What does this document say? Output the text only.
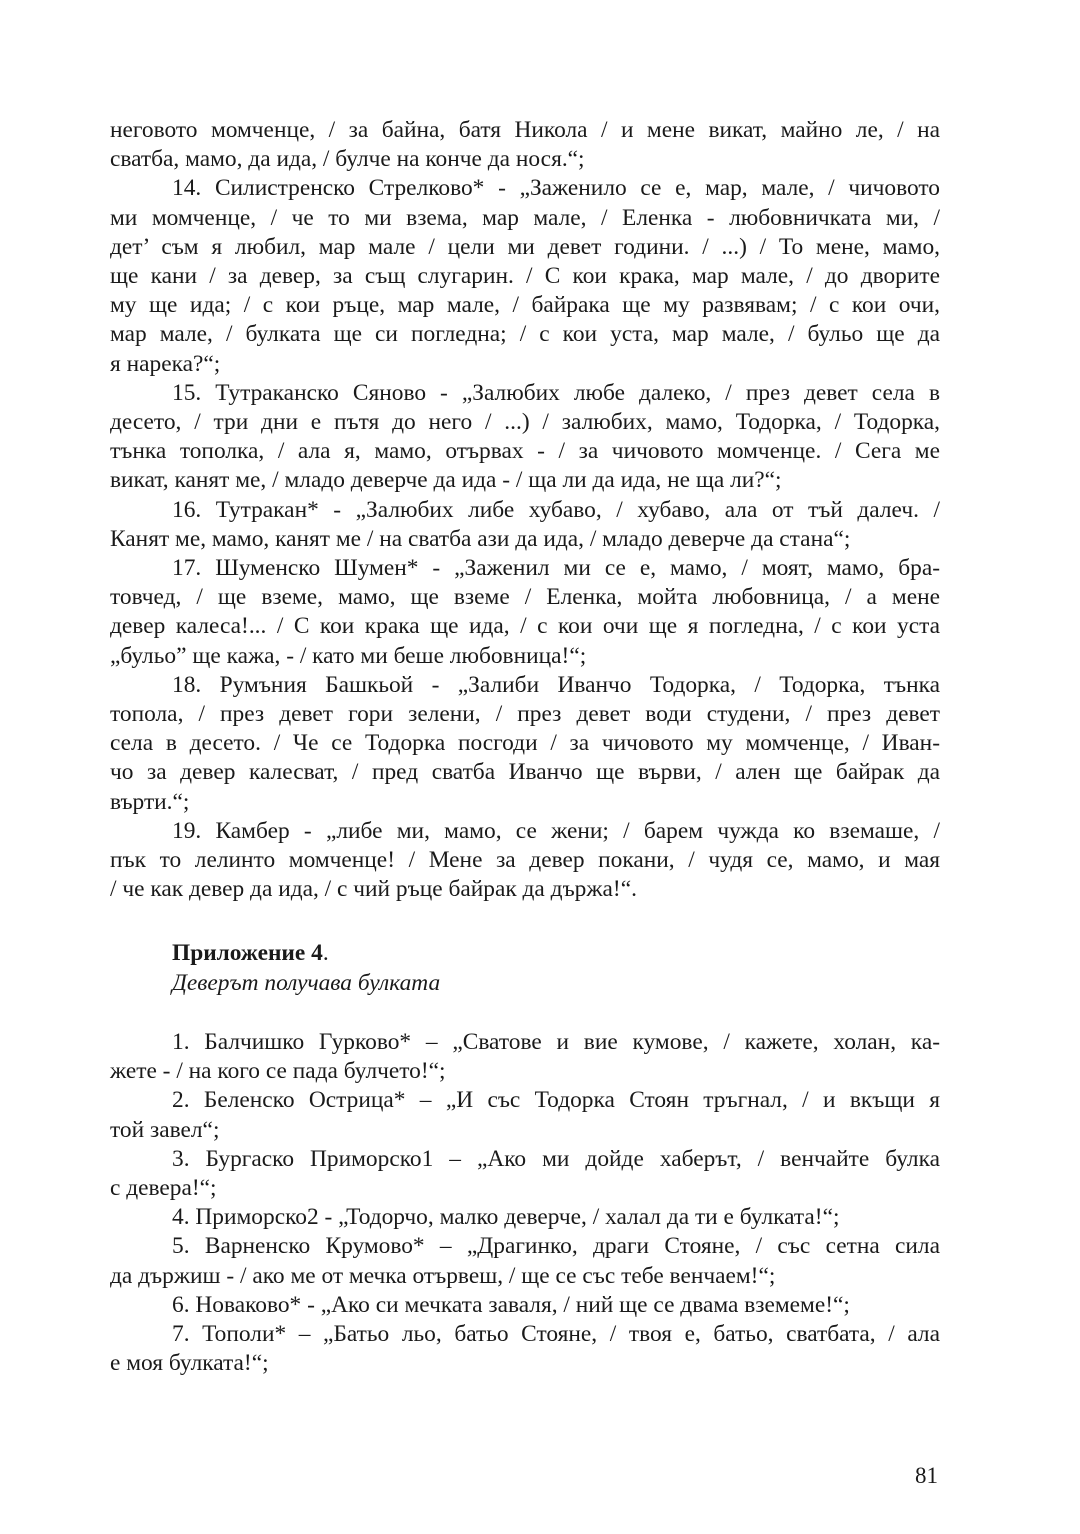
неговото момченце, / за байна, батя Никола / и мене викат, майно ле, / на
сватба, мамо, да ида, / булче на конче да нося.“;
14. Силистренско Стрелково* - „Заженило се е, мар, мале, / чичовото
ми момченце, / че то ми взема, мар мале, / Еленка - любовничката ми, /
дет’ съм я любил, мар мале / цели ми девет години. / ...) / То мене, мамо,
ще кани / за девер, за същ слугарин. / С кои крака, мар мале, / до дворите
му ще ида; / с кои ръце, мар мале, / байрака ще му развявам; / с кои очи,
мар мале, / булката ще си погледна; / с кои уста, мар мале, / бульо ще да
я нарека?“;
15. Тутраканско Сяново - „Залюбих любе далеко, / през девет села в
десето, / три дни е пътя до него / ...) / залюбих, мамо, Тодорка, / Тодорка,
тънка тополка, / ала я, мамо, отървах - / за чичовото момченце. / Сега ме
викат, канят ме, / младо деверче да ида - / ща ли да ида, не ща ли?“;
16. Тутракан* - „Залюбих либе хубаво, / хубаво, ала от тъй далеч. /
Канят ме, мамо, канят ме / на сватба ази да ида, / младо деверче да стана“;
17. Шуменско Шумен* - „Заженил ми се е, мамо, / моят, мамо, бра-
товчед, / ще вземе, мамо, ще вземе / Еленка, мойта любовница, / а мене
девер калеса!... / С кои крака ще ида, / с кои очи ще я погледна, / с кои уста
„бульо” ще кажа, - / като ми беше любовница!“;
18. Румъния Башкьой - „Залиби Иванчо Тодорка, / Тодорка, тънка
топола, / през девет гори зелени, / през девет води студени, / през девет
села в десето. / Че се Тодорка посгоди / за чичовото му момченце, / Иван-
чо за девер калесват, / пред сватба Иванчо ще върви, / ален ще байрак да
върти.“;
19. Камбер - „либе ми, мамо, се жени; / барем чужда ко вземаше, /
пък то лелинто момченце! / Мене за девер покани, / чудя се, мамо, и мая
/ че как девер да ида, / с чий ръце байрак да държа!“.
Приложение 4.
Деверът получава булката
1. Балчишко Гурково* – „Сватове и вие кумове, / кажете, холан, ка-
жете - / на кого се пада булчето!“;
2. Беленско Острица* – „И със Тодорка Стоян тръгнал, / и вкъщи я
той завел“;
3. Бургаско Приморско1 – „Ако ми дойде хаберът, / венчайте булка
с девера!“;
4. Приморско2 - „Тодорчо, малко деверче, / халал да ти е булката!“;
5. Варненско Крумово* – „Драгинко, драги Стояне, / със сетна сила
да държиш - / ако ме от мечка отървеш, / ще се със тебе венчаем!“;
6. Новаково* - „Ако си мечката заваля, / ний ще се двама вземеме!“;
7. Тополи* – „Батьо льо, батьо Стояне, / твоя е, батьо, сватбата, / ала
е моя булката!“;
81
